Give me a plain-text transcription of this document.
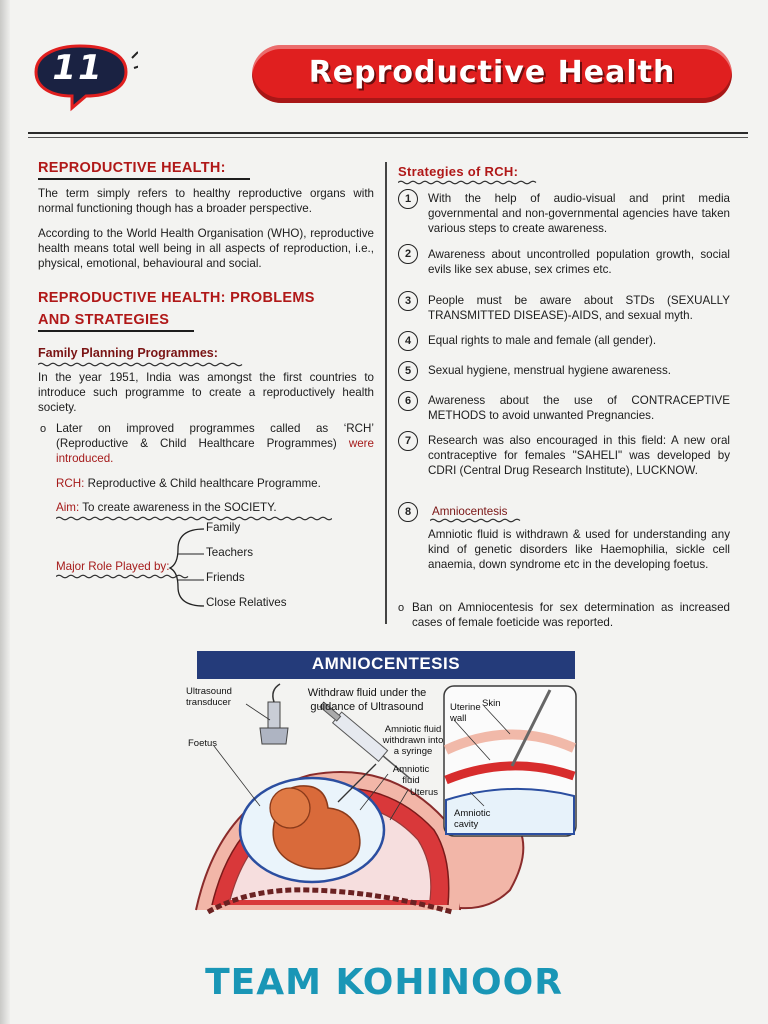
11	Reproductive Health
REPRODUCTIVE HEALTH:
The term simply refers to healthy reproductive organs with normal functioning though has a broader perspective.
According to the World Health Organisation (WHO), reproductive health means total well being in all aspects of reproduction, i.e., physical, emotional, behavioural and social.
REPRODUCTIVE HEALTH: PROBLEMS
AND STRATEGIES
Family Planning Programmes:
In the year 1951, India was amongst the first countries to introduce such programme to create a reproductively health society.
o Later on improved programmes called as ‘RCH’ (Reproductive & Child Healthcare Programmes) were introduced.
RCH: Reproductive & Child healthcare Programme.
Aim: To create awareness in the SOCIETY.
Major Role Played by:
Family
Teachers
Friends
Close Relatives
Strategies of RCH:
1	With the help of audio-visual and print media governmental and non-governmental agencies have taken various steps to create awareness.
2	Awareness about uncontrolled population growth, social evils like sex abuse, sex crimes etc.
3	People must be aware about STDs (SEXUALLY TRANSMITTED DISEASE)-AIDS, and sexual myth.
4	Equal rights to male and female (all gender).
5	Sexual hygiene, menstrual hygiene awareness.
6	Awareness about the use of CONTRACEPTIVE METHODS to avoid unwanted Pregnancies.
7	Research was also encouraged in this field: A new oral contraceptive for females "SAHELI" was developed by CDRI (Central Drug Research Institute), LUCKNOW.
8	Amniocentesis
Amniotic fluid is withdrawn & used for understanding any kind of genetic disorders like Haemophilia, sickle cell anaemia, down syndrome etc in the developing foetus.
o Ban on Amniocentesis for sex determination as increased cases of female foeticide was reported.
AMNIOCENTESIS
Ultrasound transducer
Withdraw fluid under the guidance of Ultrasound
Foetus
Amniotic fluid withdrawn into a syringe
Amniotic fluid
Uterus
Uterine wall
Skin
Amniotic cavity
TEAM KOHINOOR
